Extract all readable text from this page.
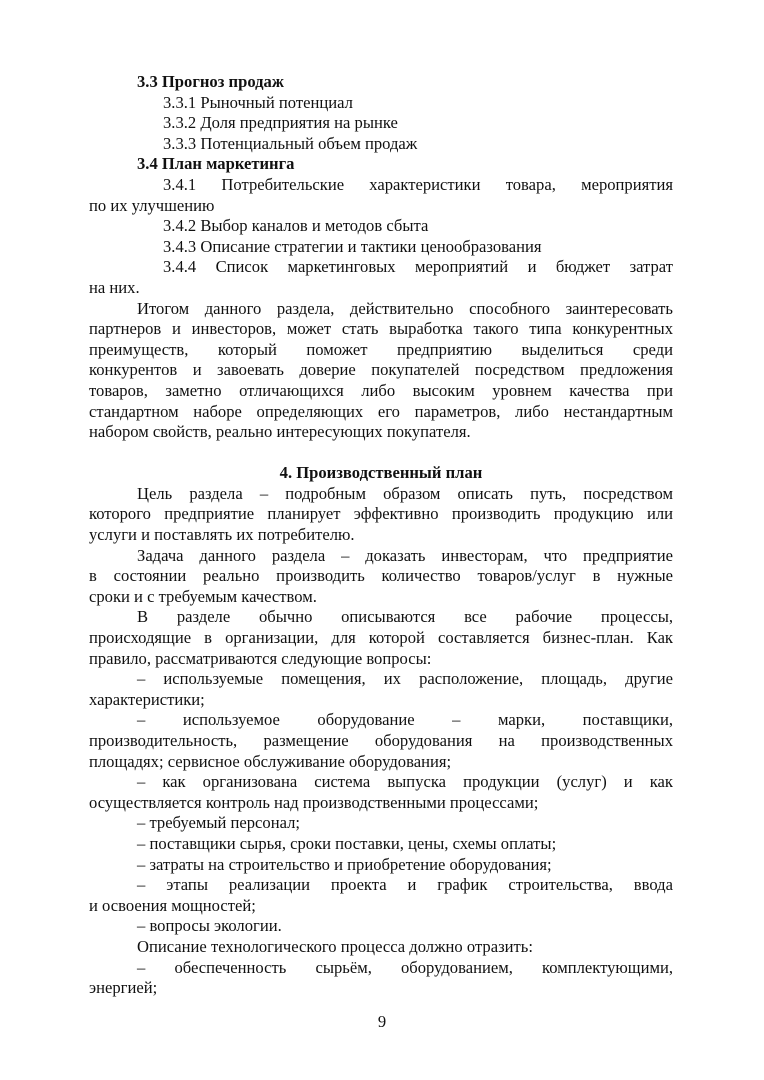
3.3 Прогноз продаж
3.3.1 Рыночный потенциал
3.3.2 Доля предприятия на рынке
3.3.3 Потенциальный объем продаж
3.4 План маркетинга
3.4.1 Потребительские характеристики товара, мероприятия
по их улучшению
3.4.2 Выбор каналов и методов сбыта
3.4.3 Описание стратегии и тактики ценообразования
3.4.4 Список маркетинговых мероприятий и бюджет затрат
на них.
Итогом данного раздела, действительно способного заинтересовать
партнеров и инвесторов, может стать выработка такого типа конкурентных
преимуществ, который поможет предприятию выделиться среди
конкурентов и завоевать доверие покупателей посредством предложения
товаров, заметно отличающихся либо высоким уровнем качества при
стандартном наборе определяющих его параметров, либо нестандартным
набором свойств, реально интересующих покупателя.
4. Производственный план
Цель раздела – подробным образом описать путь, посредством
которого предприятие планирует эффективно производить продукцию или
услуги и поставлять их потребителю.
Задача данного раздела – доказать инвесторам, что предприятие
в состоянии реально производить количество товаров/услуг в нужные
сроки и с требуемым качеством.
В разделе обычно описываются все рабочие процессы,
происходящие в организации, для которой составляется бизнес-план. Как
правило, рассматриваются следующие вопросы:
– используемые помещения, их расположение, площадь, другие
характеристики;
– используемое оборудование – марки, поставщики,
производительность, размещение оборудования на производственных
площадях; сервисное обслуживание оборудования;
– как организована система выпуска продукции (услуг) и как
осуществляется контроль над производственными процессами;
– требуемый персонал;
– поставщики сырья, сроки поставки, цены, схемы оплаты;
– затраты на строительство и приобретение оборудования;
– этапы реализации проекта и график строительства, ввода
и освоения мощностей;
– вопросы экологии.
Описание технологического процесса должно отразить:
– обеспеченность сырьём, оборудованием, комплектующими,
энергией;
9
